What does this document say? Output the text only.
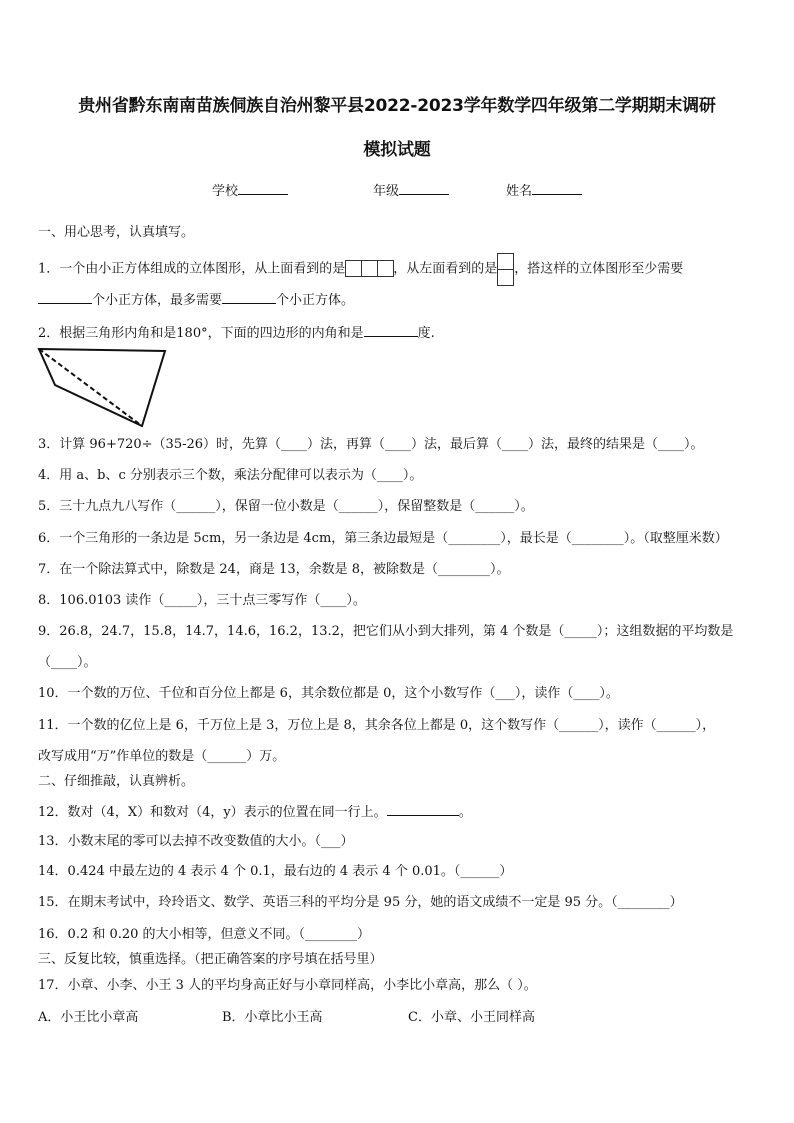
贵州省黔东南南苗族侗族自治州黎平县2022-2023学年数学四年级第二学期期末调研
模拟试题
学校	年级	姓名
一、用心思考，认真填写。
1．一个由小正方体组成的立体图形，从上面看到的是	，从左面看到的是 ，搭这样的立体图形至少需要
个小正方体，最多需要	个小正方体。
2．根据三角形内角和是180°，下面的四边形的内角和是	度.
3．计算 96+720÷（35-26）时，先算（____）法，再算（____）法，最后算（____）法，最终的结果是（____）。
4．用 a、b、c 分别表示三个数，乘法分配律可以表示为（____）。
5．三十九点九八写作（______），保留一位小数是（______），保留整数是（______）。
6．一个三角形的一条边是 5cm，另一条边是 4cm，第三条边最短是（________），最长是（________）。（取整厘米数）
7．在一个除法算式中，除数是 24，商是 13，余数是 8，被除数是（________）。
8．106.0103 读作（_____），三十点三零写作（____）。
9．26.8，24.7，15.8，14.7，14.6，16.2，13.2，把它们从小到大排列，第 4 个数是（_____）；这组数据的平均数是
（____）。
10．一个数的万位、千位和百分位上都是 6，其余数位都是 0，这个小数写作（___），读作（____）。
11．一个数的亿位上是 6，千万位上是 3，万位上是 8，其余各位上都是 0，这个数写作（______），读作（______），
改写成用“万”作单位的数是（______）万。
二、仔细推敲，认真辨析。
12．数对（4，X）和数对（4，y）表示的位置在同一行上。	。
13．小数末尾的零可以去掉不改变数值的大小。（___）
14．0.424 中最左边的 4 表示 4 个 0.1，最右边的 4 表示 4 个 0.01。（______）
15．在期末考试中，玲玲语文、数学、英语三科的平均分是 95 分，她的语文成绩不一定是 95 分。（________）
16．0.2 和 0.20 的大小相等，但意义不同。（________）
三、反复比较，慎重选择。（把正确答案的序号填在括号里）
17．小章、小李、小王 3 人的平均身高正好与小章同样高，小李比小章高，那么（ ）。
A．小王比小章高	B．小章比小王高	C．小章、小王同样高
